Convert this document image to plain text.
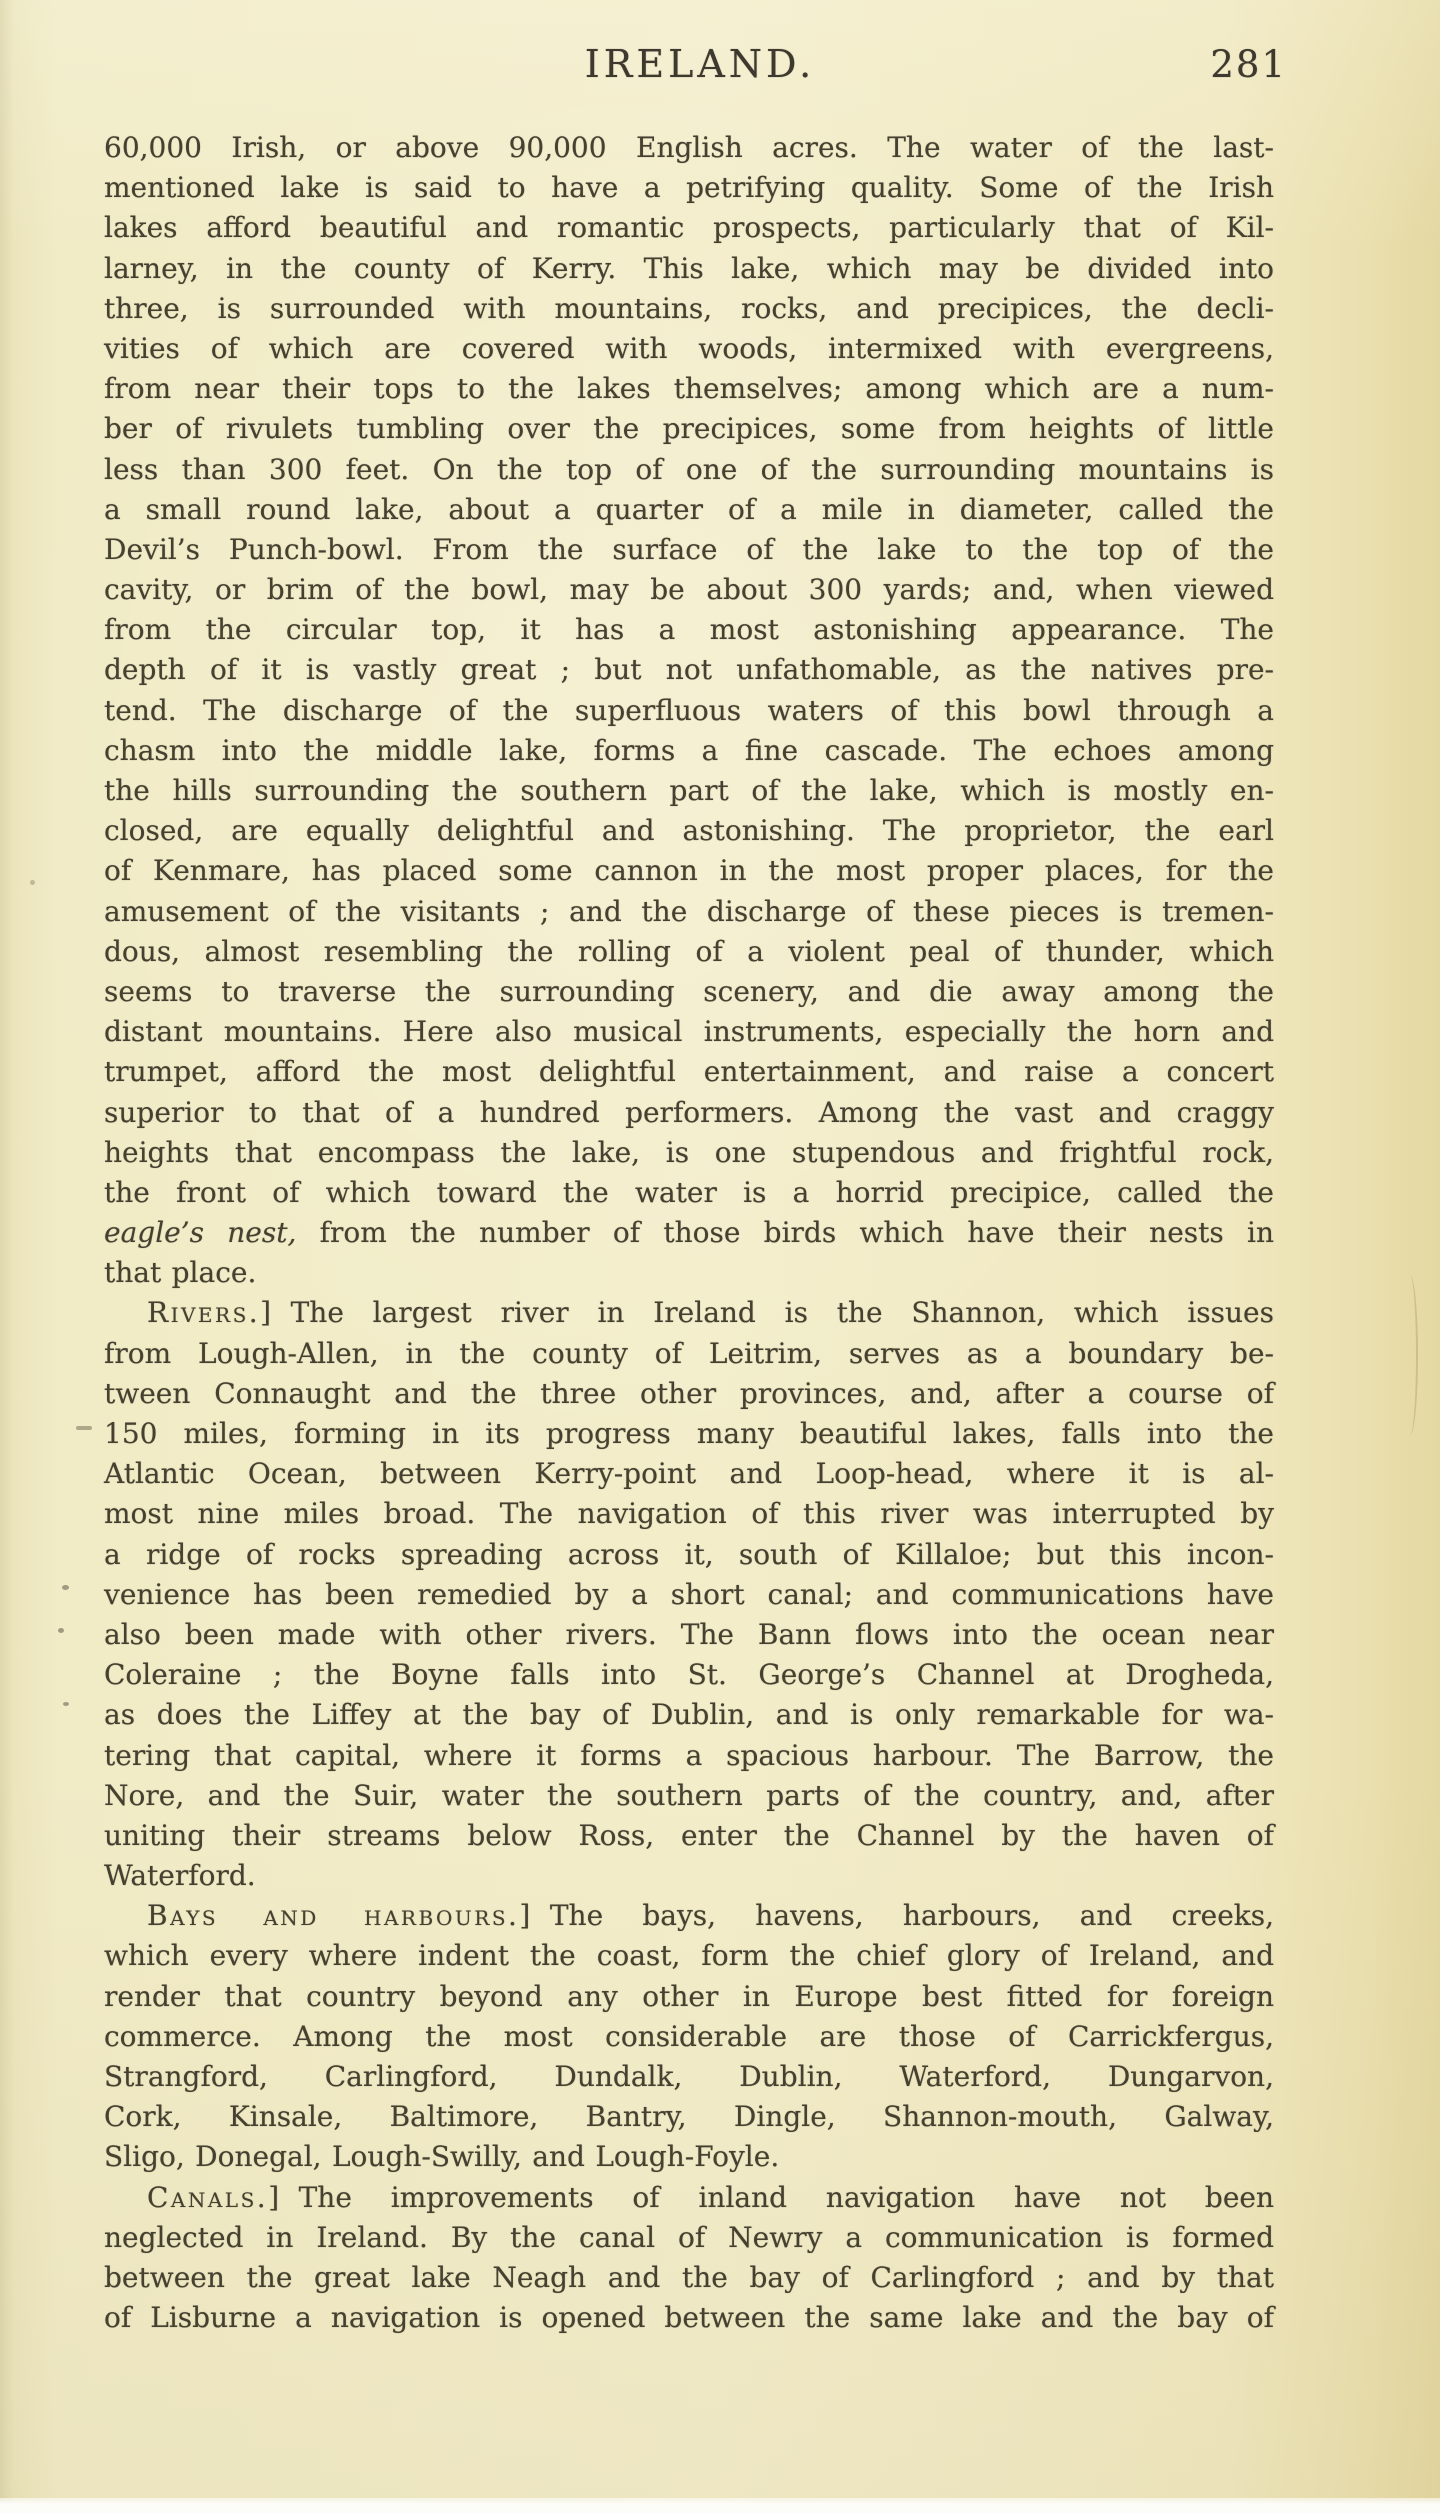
IRELAND.	281
60,000 Irish, or above 90,000 English acres. The water of the last-
mentioned lake is said to have a petrifying quality. Some of the Irish
lakes afford beautiful and romantic prospects, particularly that of Kil-
larney, in the county of Kerry. This lake, which may be divided into
three, is surrounded with mountains, rocks, and precipices, the decli-
vities of which are covered with woods, intermixed with evergreens,
from near their tops to the lakes themselves; among which are a num-
ber of rivulets tumbling over the precipices, some from heights of little
less than 300 feet. On the top of one of the surrounding mountains is
a small round lake, about a quarter of a mile in diameter, called the
Devil’s Punch-bowl. From the surface of the lake to the top of the
cavity, or brim of the bowl, may be about 300 yards; and, when viewed
from the circular top, it has a most astonishing appearance. The
depth of it is vastly great ; but not unfathomable, as the natives pre-
tend. The discharge of the superfluous waters of this bowl through a
chasm into the middle lake, forms a fine cascade. The echoes among
the hills surrounding the southern part of the lake, which is mostly en-
closed, are equally delightful and astonishing. The proprietor, the earl
of Kenmare, has placed some cannon in the most proper places, for the
amusement of the visitants ; and the discharge of these pieces is tremen-
dous, almost resembling the rolling of a violent peal of thunder, which
seems to traverse the surrounding scenery, and die away among the
distant mountains. Here also musical instruments, especially the horn and
trumpet, afford the most delightful entertainment, and raise a concert
superior to that of a hundred performers. Among the vast and craggy
heights that encompass the lake, is one stupendous and frightful rock,
the front of which toward the water is a horrid precipice, called the
eagle’s nest, from the number of those birds which have their nests in
that place.
Rivers.] The largest river in Ireland is the Shannon, which issues
from Lough-Allen, in the county of Leitrim, serves as a boundary be-
tween Connaught and the three other provinces, and, after a course of
150 miles, forming in its progress many beautiful lakes, falls into the
Atlantic Ocean, between Kerry-point and Loop-head, where it is al-
most nine miles broad. The navigation of this river was interrupted by
a ridge of rocks spreading across it, south of Killaloe; but this incon-
venience has been remedied by a short canal; and communications have
also been made with other rivers. The Bann flows into the ocean near
Coleraine ; the Boyne falls into St. George’s Channel at Drogheda,
as does the Liffey at the bay of Dublin, and is only remarkable for wa-
tering that capital, where it forms a spacious harbour. The Barrow, the
Nore, and the Suir, water the southern parts of the country, and, after
uniting their streams below Ross, enter the Channel by the haven of
Waterford.
Bays and harbours.] The bays, havens, harbours, and creeks,
which every where indent the coast, form the chief glory of Ireland, and
render that country beyond any other in Europe best fitted for foreign
commerce. Among the most considerable are those of Carrickfergus,
Strangford, Carlingford, Dundalk, Dublin, Waterford, Dungarvon,
Cork, Kinsale, Baltimore, Bantry, Dingle, Shannon-mouth, Galway,
Sligo, Donegal, Lough-Swilly, and Lough-Foyle.
Canals.] The improvements of inland navigation have not been
neglected in Ireland. By the canal of Newry a communication is formed
between the great lake Neagh and the bay of Carlingford ; and by that
of Lisburne a navigation is opened between the same lake and the bay of
